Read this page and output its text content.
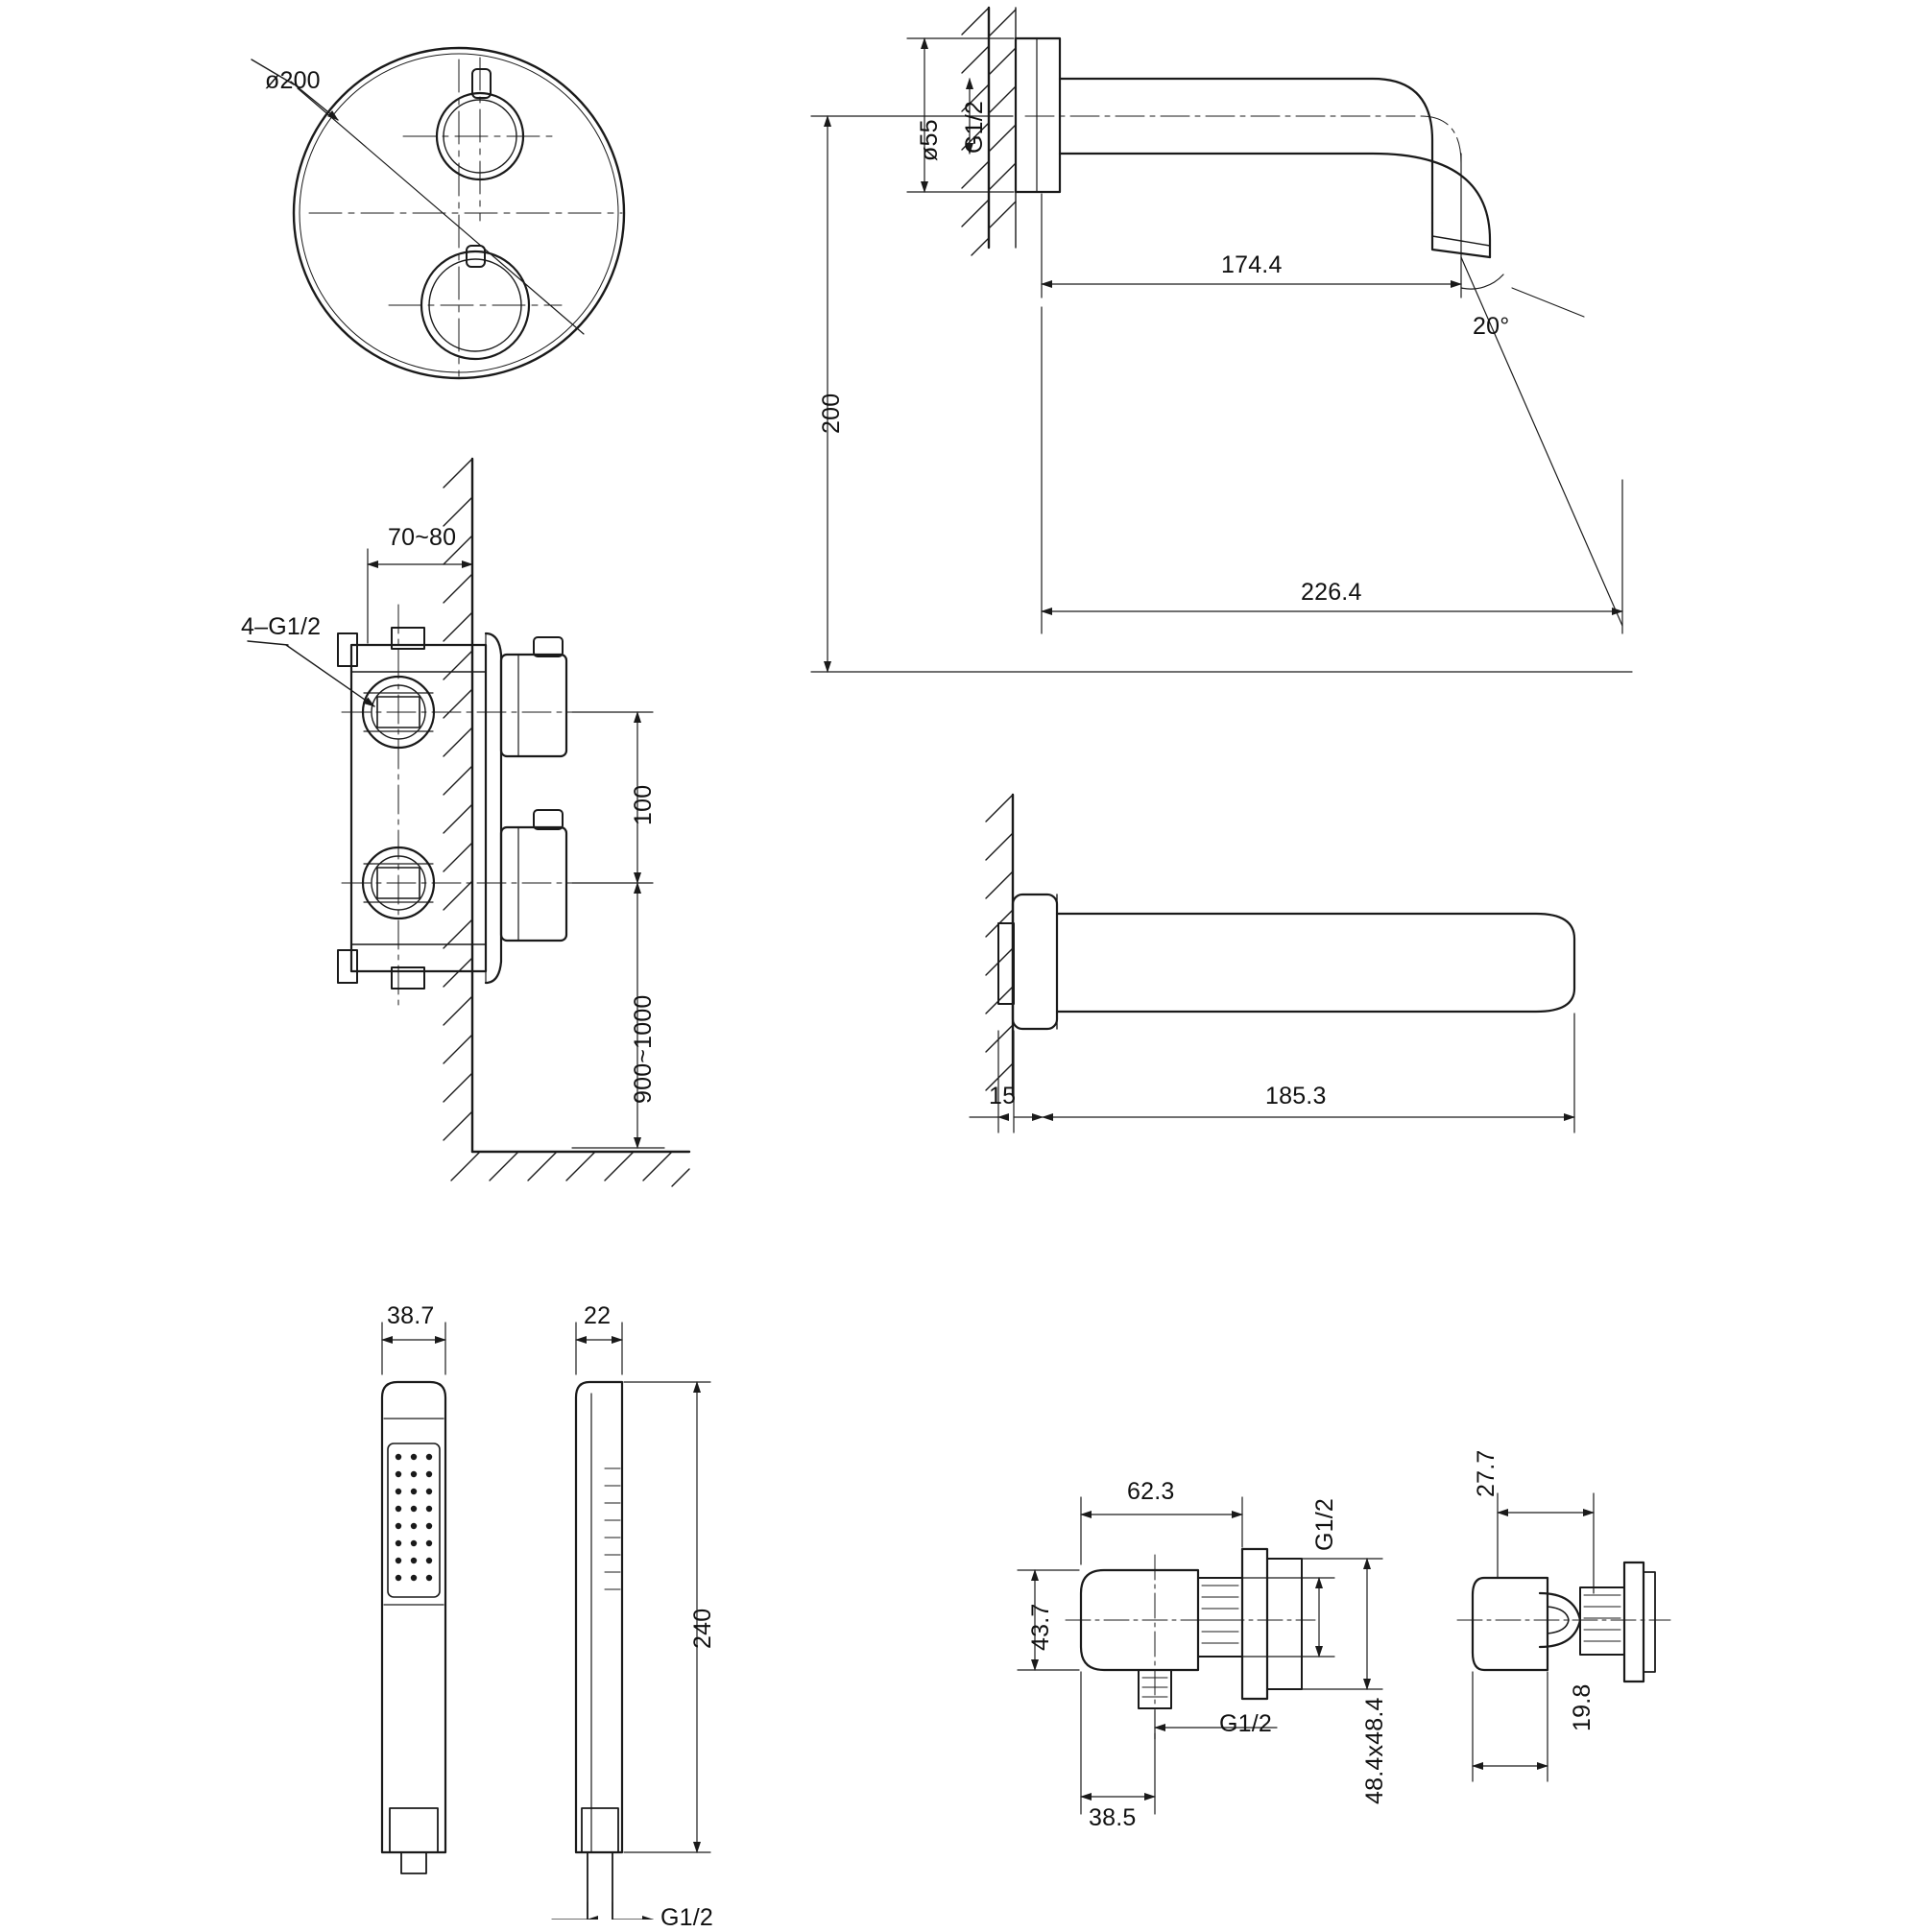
ø200
70~80
4–G1/2
100
900~1000
ø55 G1/2
174.4
20°
226.4
200
15	185.3
38.7	22
240
G1/2
62.3
43.7
G1/2
G1/2	48.4x48.4
38.5
27.7
19.8
